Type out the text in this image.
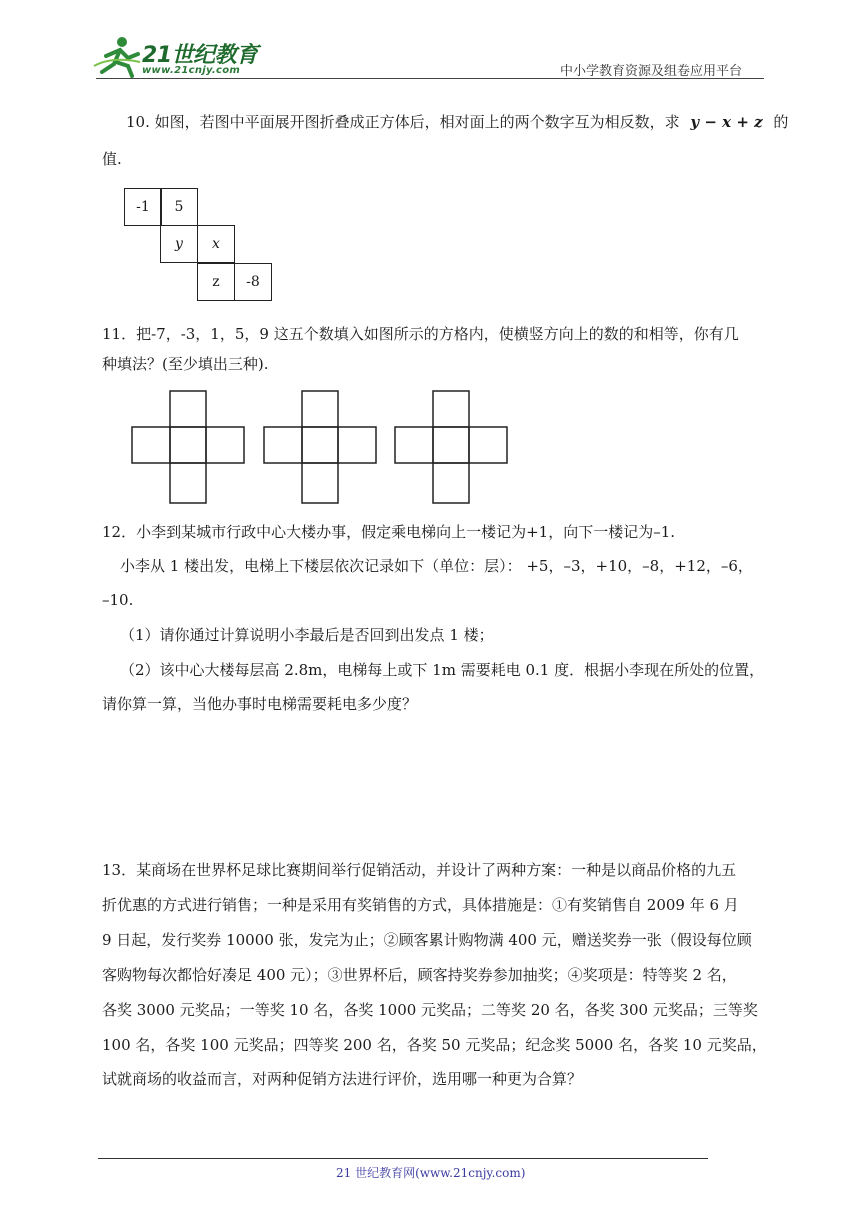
21世纪教育
www.21cnjy.com	中小学教育资源及组卷应用平台
10. 如图，若图中平面展开图折叠成正方体后，相对面上的两个数字互为相反数，求 y − x + z 的
值.
-1	5
y	x
z	-8
11．把-7，-3，1，5，9 这五个数填入如图所示的方格内，使横竖方向上的数的和相等，你有几
种填法？(至少填出三种).
12．小李到某城市行政中心大楼办事，假定乘电梯向上一楼记为+1，向下一楼记为–1.
小李从 1 楼出发，电梯上下楼层依次记录如下（单位：层）： +5，–3，+10，–8，+12，–6，
–10.
（1）请你通过计算说明小李最后是否回到出发点 1 楼；
（2）该中心大楼每层高 2.8m，电梯每上或下 1m 需要耗电 0.1 度．根据小李现在所处的位置，
请你算一算，当他办事时电梯需要耗电多少度？
13．某商场在世界杯足球比赛期间举行促销活动，并设计了两种方案：一种是以商品价格的九五
折优惠的方式进行销售；一种是采用有奖销售的方式，具体措施是：①有奖销售自 2009 年 6 月
9 日起，发行奖券 10000 张，发完为止；②顾客累计购物满 400 元，赠送奖券一张（假设每位顾
客购物每次都恰好凑足 400 元）；③世界杯后，顾客持奖券参加抽奖；④奖项是：特等奖 2 名，
各奖 3000 元奖品；一等奖 10 名，各奖 1000 元奖品；二等奖 20 名，各奖 300 元奖品；三等奖
100 名，各奖 100 元奖品；四等奖 200 名，各奖 50 元奖品；纪念奖 5000 名，各奖 10 元奖品，
试就商场的收益而言，对两种促销方法进行评价，选用哪一种更为合算？
21 世纪教育网(www.21cnjy.com)
